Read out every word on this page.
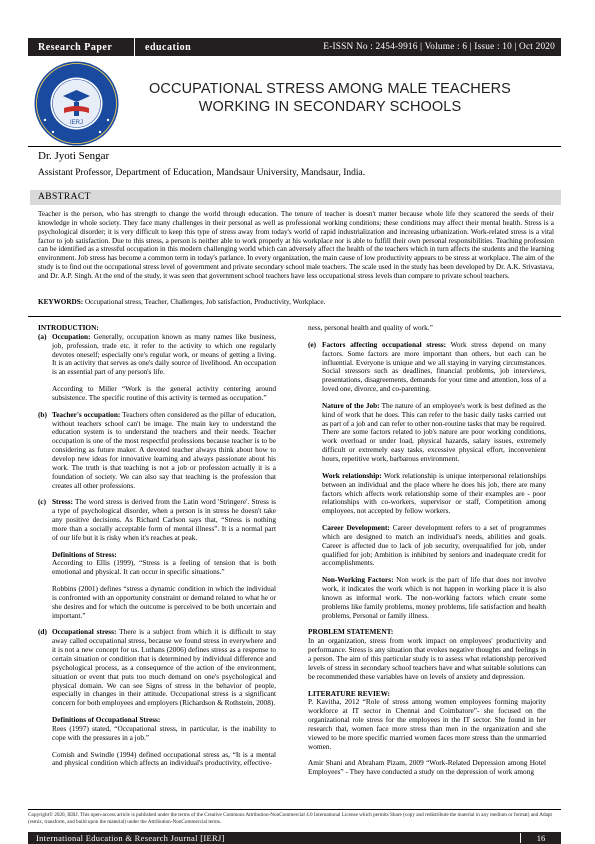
Research Paper	education	E-ISSN No : 2454-9916 | Volume : 6 | Issue : 10 | Oct 2020
IERJ
OCCUPATIONAL STRESS AMONG MALE TEACHERS
WORKING IN SECONDARY SCHOOLS
Dr. Jyoti Sengar
Assistant Professor, Department of Education, Mandsaur University, Mandsaur, India.
ABSTRACT
Teacher is the person, who has strength to change the world through education. The tenure of teacher is doesn't matter because whole life they scattered the seeds of their knowledge in whole society. They face many challenges in their personal as well as professional working conditions; these conditions may affect their mental health. Stress is a psychological disorder; it is very difficult to keep this type of stress away from today's world of rapid industrialization and increasing urbanization. Work-related stress is a vital factor to job satisfaction. Due to this stress, a person is neither able to work properly at his workplace nor is able to fulfill their own personal responsibilities. Teaching profession can be identified as a stressful occupation in this modern challenging world which can adversely affect the health of the teachers which in turn affects the students and the learning environment. Job stress has become a common term in today's parlance. In every organization, the main cause of low productivity appears to be stress at workplace. The aim of the study is to find out the occupational stress level of government and private secondary school male teachers. The scale used in the study has been developed by Dr. A.K. Srivastava, and Dr. A.P. Singh. At the end of the study, it was seen that government school teachers have less occupational stress levels than compare to private school teachers.
KEYWORDS: Occupational stress, Teacher, Challenges, Job satisfaction, Productivity, Workplace.

INTRODUCTION:

(a) Occupation: Generally, occupation known as many names like business, job, profession, trade etc. it refer to the activity to which one regularly devotes oneself; especially one's regular work, or means of getting a living. It is an activity that serves as one's daily source of livelihood. An occupation is an essential part of any person's life.

According to Miller “Work is the general activity centering around subsistence. The specific routine of this activity is termed as occupation.”

(b) Teacher's occupation: Teachers often considered as the pillar of education, without teachers school can't be image. The main key to understand the education system is to understand the teachers and their needs. Teacher occupation is one of the most respectful professions because teacher is to be considering as future maker. A devoted teacher always think about how to develop new ideas for innovative learning and always passionate about his work. The truth is that teaching is not a job or profession actually it is a foundation of society. We can also say that teaching is the profession that creates all other professions.

(c) Stress: The word stress is derived from the Latin word 'Stringere'. Stress is a type of psychological disorder, when a person is in stress he doesn't take any positive decisions. As Richard Carlson says that, “Stress is nothing more than a socially acceptable form of mental illness”. It is a normal part of our life but it is risky when it's reaches at peak.

Definitions of Stress:

According to Ellis (1999), “Stress is a feeling of tension that is both emotional and physical. It can occur in specific situations.”

Robbins (2001) defines “stress a dynamic condition in which the individual is confronted with an opportunity constraint or demand related to what he or she desires and for which the outcome is perceived to be both uncertain and important.”

(d) Occupational stress: There is a subject from which it is difficult to stay away called occupational stress, because we found stress in everywhere and it is not a new concept for us. Luthans (2006) defines stress as a response to certain situation or condition that is determined by individual difference and psychological process, as a consequence of the action of the environment, situation or event that puts too much demand on one's psychological and physical domain. We can see Signs of stress in the behavior of people, especially in changes in their attitude. Occupational stress is a significant concern for both employees and employers (Richardson & Rothstein, 2008).

Definitions of Occupational Stress:

Rees (1997) stated, “Occupational stress, in particular, is the inability to cope with the pressures in a job.”

Comish and Swindle (1994) defined occupational stress as, “It is a mental and physical condition which affects an individual's productivity, effective-

ness, personal health and quality of work.”

(e) Factors affecting occupational stress: Work stress depend on many factors. Some factors are more important than others, but each can be influential. Everyone is unique and we all staying in varying circumstances. Social stressors such as deadlines, financial problems, job interviews, presentations, disagreements, demands for your time and attention, loss of a loved one, divorce, and co-parenting.

Nature of the Job: The nature of an employee's work is best defined as the kind of work that he does. This can refer to the basic daily tasks carried out as part of a job and can refer to other non-routine tasks that may be required. There are some factors related to job's nature are poor working conditions, work overload or under load, physical hazards, salary issues, extremely difficult or extremely easy tasks, excessive physical effort, inconvenient hours, repetitive work, barbarous environment.

Work relationship: Work relationship is unique interpersonal relationships between an individual and the place where he does his job, there are many factors which affects work relationship some of their examples are - poor relationships with co-workers, supervisor or staff, Competition among employees, not accepted by fellow workers.

Career Development: Career development refers to a set of programmes which are designed to match an individual's needs, abilities and goals. Career is affected due to lack of job security, overqualified for job, under qualified for job; Ambition is inhibited by seniors and inadequate credit for accomplishments.

Non-Working Factors: Non work is the part of life that does not involve work, it indicates the work which is not happen in working place it is also known as informal work. The non-working factors which create some problems like family problems, money problems, life satisfaction and health problems, Personal or family illness.

PROBLEM STATEMENT:

In an organization, stress from work impact on employees' productivity and performance. Stress is any situation that evokes negative thoughts and feelings in a person. The aim of this particular study is to assess what relationship perceived levels of stress in secondary school teachers have and what suitable solutions can be recommended these variables have on levels of anxiety and depression.

LITERATURE REVIEW:

P. Kavitha, 2012 “Role of stress among women employees forming majority workforce at IT sector in Chennai and Coimbatore”- she focused on the organizational role stress for the employees in the IT sector. She found in her research that, women face more stress than men in the organization and she viewed to be more specific married women faces more stress than the unmarried women.

Amir Shani and Abraham Pizam, 2009 “Work-Related Depression among Hotel Employees” - They have conducted a study on the depression of work among

Copyright© 2020, IERJ. This open-access article is published under the terms of the Creative Commons Attribution-NonCommercial 4.0 International License which permits Share (copy and redistribute the material in any medium or format) and Adapt (remix, transform, and build upon the material) under the Attribution-NonCommercial terms.
International Education & Research Journal [IERJ]	16
